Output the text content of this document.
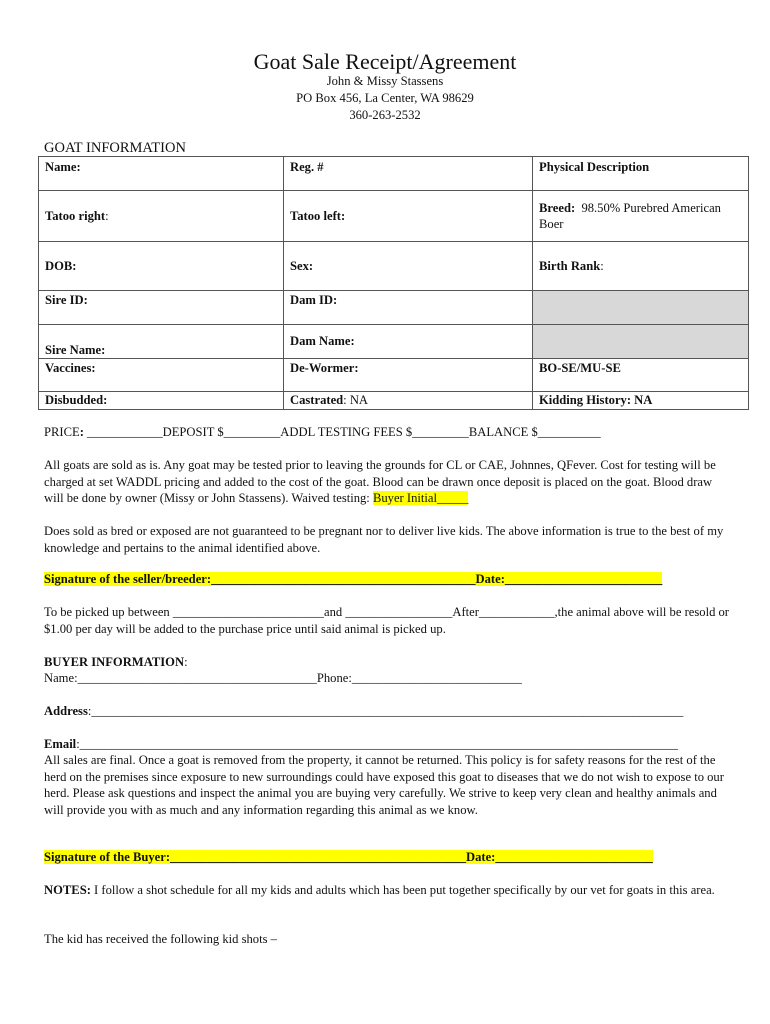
Goat Sale Receipt/Agreement
John & Missy Stassens
PO Box 456, La Center, WA 98629
360-263-2532
GOAT INFORMATION
Name:	Reg. #	Physical Description
Tatoo right:	Tatoo left:	Breed: 98.50% Purebred American Boer
DOB:	Sex:	Birth Rank:
Sire ID:	Dam ID:	
Sire Name:	Dam Name:	
Vaccines:	De-Wormer:	BO-SE/MU-SE
Disbudded:	Castrated: NA	Kidding History: NA
PRICE: ____________DEPOSIT $_________ADDL TESTING FEES $_________BALANCE $__________
All goats are sold as is. Any goat may be tested prior to leaving the grounds for CL or CAE, Johnnes, QFever. Cost for testing will be charged at set WADDL pricing and added to the cost of the goat. Blood can be drawn once deposit is placed on the goat. Blood draw will be done by owner (Missy or John Stassens). Waived testing: Buyer Initial_____
Does sold as bred or exposed are not guaranteed to be pregnant nor to deliver live kids. The above information is true to the best of my knowledge and pertains to the animal identified above.
Signature of the seller/breeder:__________________________________________Date:_________________________
To be picked up between ________________________and _________________After____________,the animal above will be resold or $1.00 per day will be added to the purchase price until said animal is picked up.
BUYER INFORMATION:
Name:______________________________________Phone:___________________________
Address:______________________________________________________________________________________________
Email:_______________________________________________________________________________________________
All sales are final. Once a goat is removed from the property, it cannot be returned. This policy is for safety reasons for the rest of the herd on the premises since exposure to new surroundings could have exposed this goat to diseases that we do not wish to expose to our herd. Please ask questions and inspect the animal you are buying very carefully. We strive to keep very clean and healthy animals and will provide you with as much and any information regarding this animal as we know.
Signature of the Buyer:_______________________________________________Date:_________________________
NOTES: I follow a shot schedule for all my kids and adults which has been put together specifically by our vet for goats in this area.
The kid has received the following kid shots –
